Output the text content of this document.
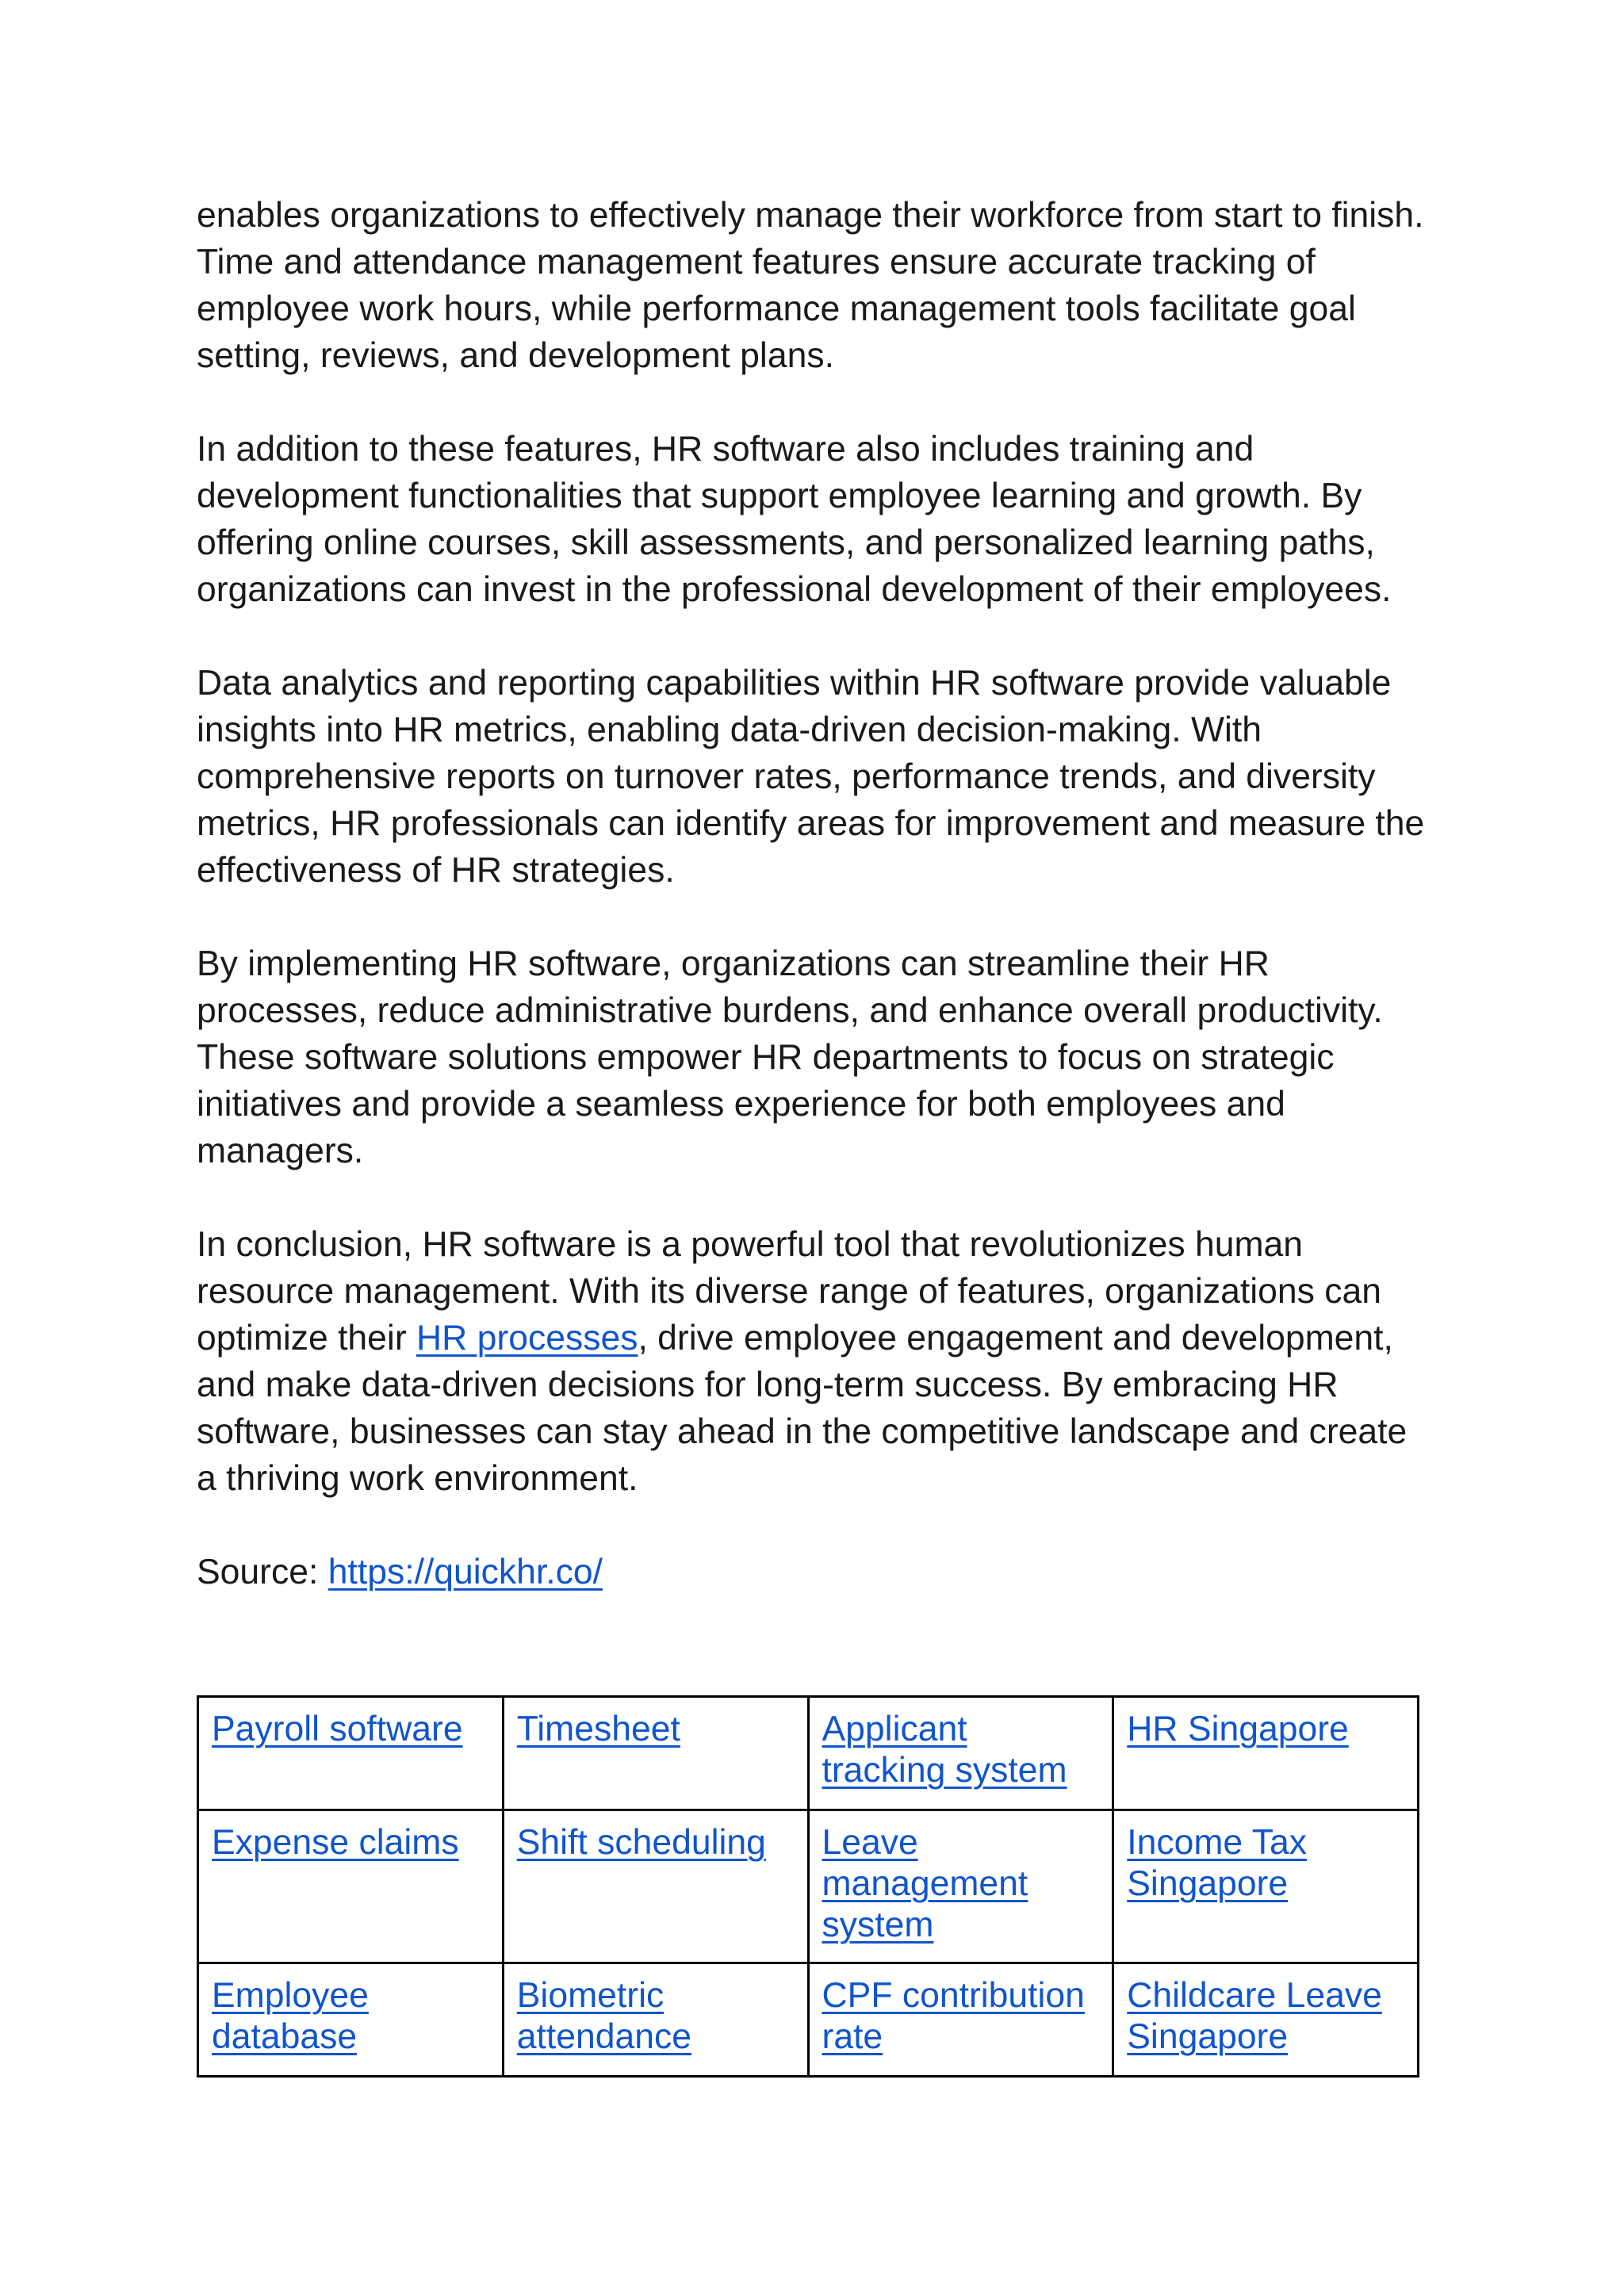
enables organizations to effectively manage their workforce from start to finish. Time and attendance management features ensure accurate tracking of employee work hours, while performance management tools facilitate goal setting, reviews, and development plans.

In addition to these features, HR software also includes training and development functionalities that support employee learning and growth. By offering online courses, skill assessments, and personalized learning paths, organizations can invest in the professional development of their employees.

Data analytics and reporting capabilities within HR software provide valuable insights into HR metrics, enabling data-driven decision-making. With comprehensive reports on turnover rates, performance trends, and diversity metrics, HR professionals can identify areas for improvement and measure the effectiveness of HR strategies.

By implementing HR software, organizations can streamline their HR processes, reduce administrative burdens, and enhance overall productivity. These software solutions empower HR departments to focus on strategic initiatives and provide a seamless experience for both employees and managers.

In conclusion, HR software is a powerful tool that revolutionizes human resource management. With its diverse range of features, organizations can optimize their HR processes, drive employee engagement and development, and make data-driven decisions for long-term success. By embracing HR software, businesses can stay ahead in the competitive landscape and create a thriving work environment.

Source: https://quickhr.co/

Payroll software	Timesheet	Applicant tracking system	HR Singapore
Expense claims	Shift scheduling	Leave management system	Income Tax Singapore
Employee database	Biometric attendance	CPF contribution rate	Childcare Leave Singapore
